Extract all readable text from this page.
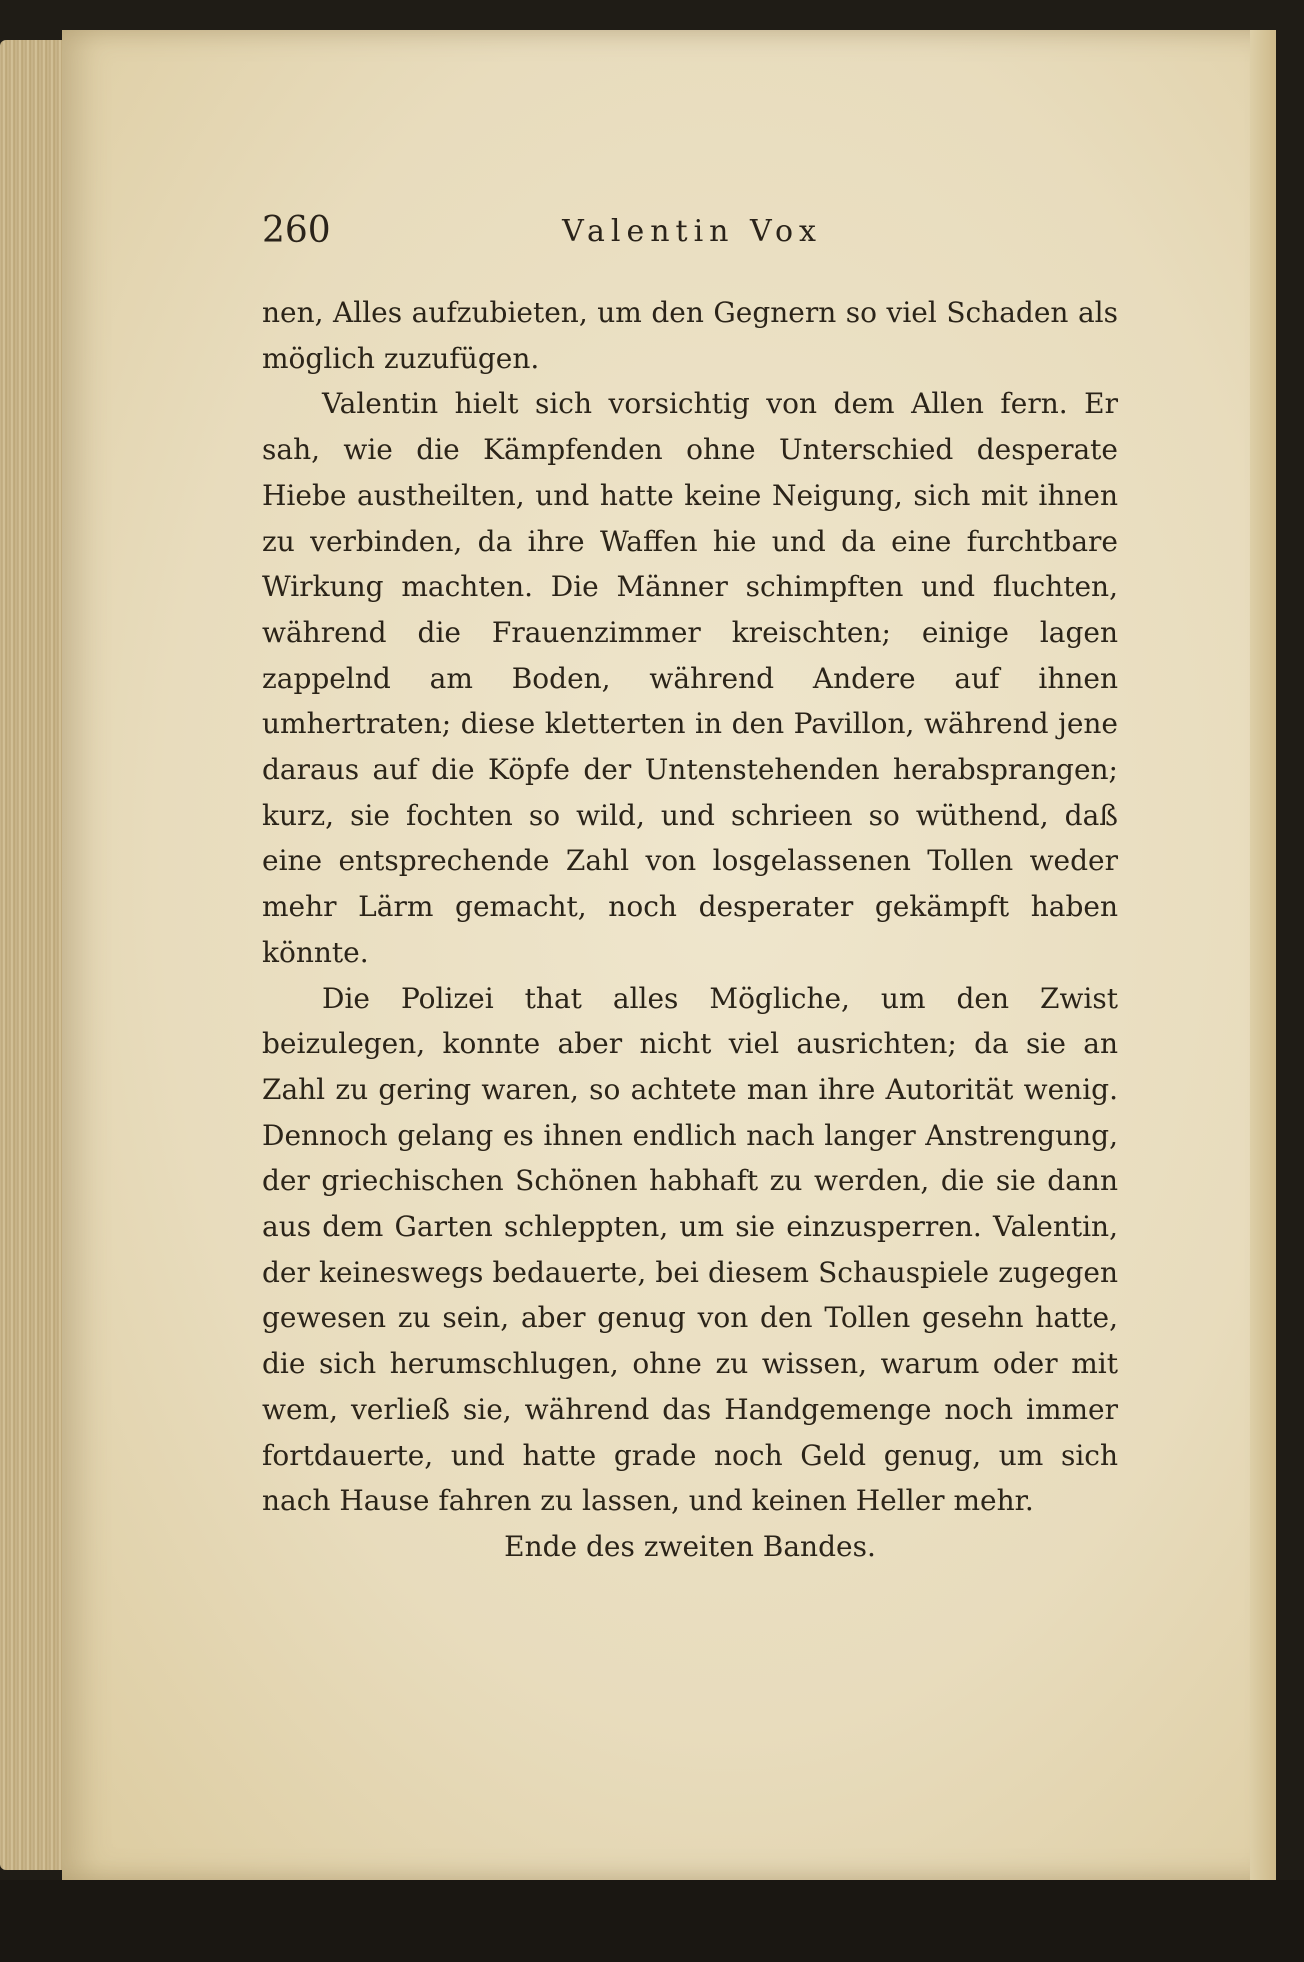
260	Valentin Vox

nen, Alles aufzubieten, um den Gegnern so viel Schaden als möglich zuzufügen.

Valentin hielt sich vorsichtig von dem Allen fern. Er sah, wie die Kämpfenden ohne Unterschied desperate Hiebe austheilten, und hatte keine Neigung, sich mit ihnen zu verbinden, da ihre Waffen hie und da eine furchtbare Wirkung machten. Die Männer schimpften und fluchten, während die Frauenzimmer kreischten; einige lagen zappelnd am Boden, während Andere auf ihnen umhertraten; diese kletterten in den Pavillon, während jene daraus auf die Köpfe der Untenstehenden herabsprangen; kurz, sie fochten so wild, und schrieen so wüthend, daß eine entsprechende Zahl von losgelassenen Tollen weder mehr Lärm gemacht, noch desperater gekämpft haben könnte.

Die Polizei that alles Mögliche, um den Zwist beizulegen, konnte aber nicht viel ausrichten; da sie an Zahl zu gering waren, so achtete man ihre Autorität wenig. Dennoch gelang es ihnen endlich nach langer Anstrengung, der griechischen Schönen habhaft zu werden, die sie dann aus dem Garten schleppten, um sie einzusperren. Valentin, der keineswegs bedauerte, bei diesem Schauspiele zugegen gewesen zu sein, aber genug von den Tollen gesehn hatte, die sich herumschlugen, ohne zu wissen, warum oder mit wem, verließ sie, während das Handgemenge noch immer fortdauerte, und hatte grade noch Geld genug, um sich nach Hause fahren zu lassen, und keinen Heller mehr.

Ende des zweiten Bandes.
